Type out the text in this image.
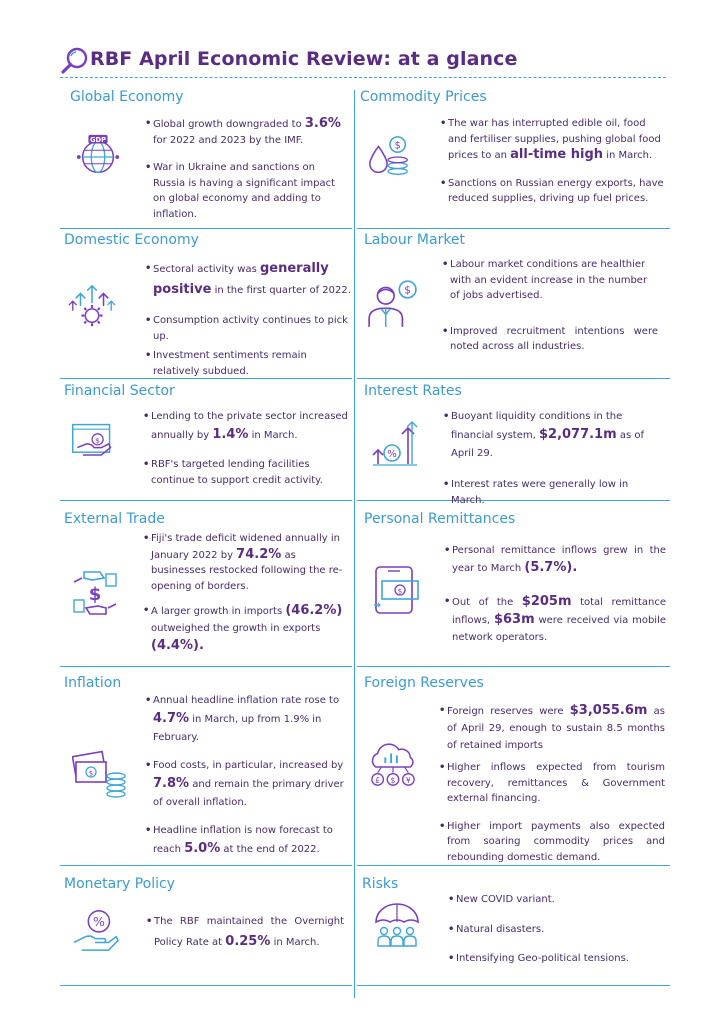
RBF April Economic Review: at a glance
Global Economy
GDP
• Global growth downgraded to 3.6% for 2022 and 2023 by the IMF.
• War in Ukraine and sanctions on Russia is having a significant impact on global economy and adding to inflation.
Commodity Prices
$
• The war has interrupted edible oil, food and fertiliser supplies, pushing global food prices to an all-time high in March.
• Sanctions on Russian energy exports, have reduced supplies, driving up fuel prices.
Domestic Economy
• Sectoral activity was generally positive in the first quarter of 2022.
• Consumption activity continues to pick up.
• Investment sentiments remain relatively subdued.
Labour Market
$
• Labour market conditions are healthier with an evident increase in the number of jobs advertised.
• Improved recruitment intentions were noted across all industries.
Financial Sector
$
• Lending to the private sector increased annually by 1.4% in March.
• RBF's targeted lending facilities continue to support credit activity.
Interest Rates
%
• Buoyant liquidity conditions in the financial system, $2,077.1m as of April 29.
• Interest rates were generally low in March.
External Trade
$
• Fiji's trade deficit widened annually in January 2022 by 74.2% as businesses restocked following the re-opening of borders.
• A larger growth in imports (46.2%) outweighed the growth in exports (4.4%).
Personal Remittances
$
• Personal remittance inflows grew in the year to March (5.7%).
• Out of the $205m total remittance inflows, $63m were received via mobile network operators.
Inflation
$
• Annual headline inflation rate rose to 4.7% in March, up from 1.9% in February.
• Food costs, in particular, increased by 7.8% and remain the primary driver of overall inflation.
• Headline inflation is now forecast to reach 5.0% at the end of 2022.
Foreign Reserves
£ $ ¥
• Foreign reserves were $3,055.6m as of April 29, enough to sustain 8.5 months of retained imports
• Higher inflows expected from tourism recovery, remittances & Government external financing.
• Higher import payments also expected from soaring commodity prices and rebounding domestic demand.
Monetary Policy
%
•	The RBF maintained the Overnight Policy Rate at 0.25% in March.
Risks
• New COVID variant.
• Natural disasters.
• Intensifying Geo-political tensions.
